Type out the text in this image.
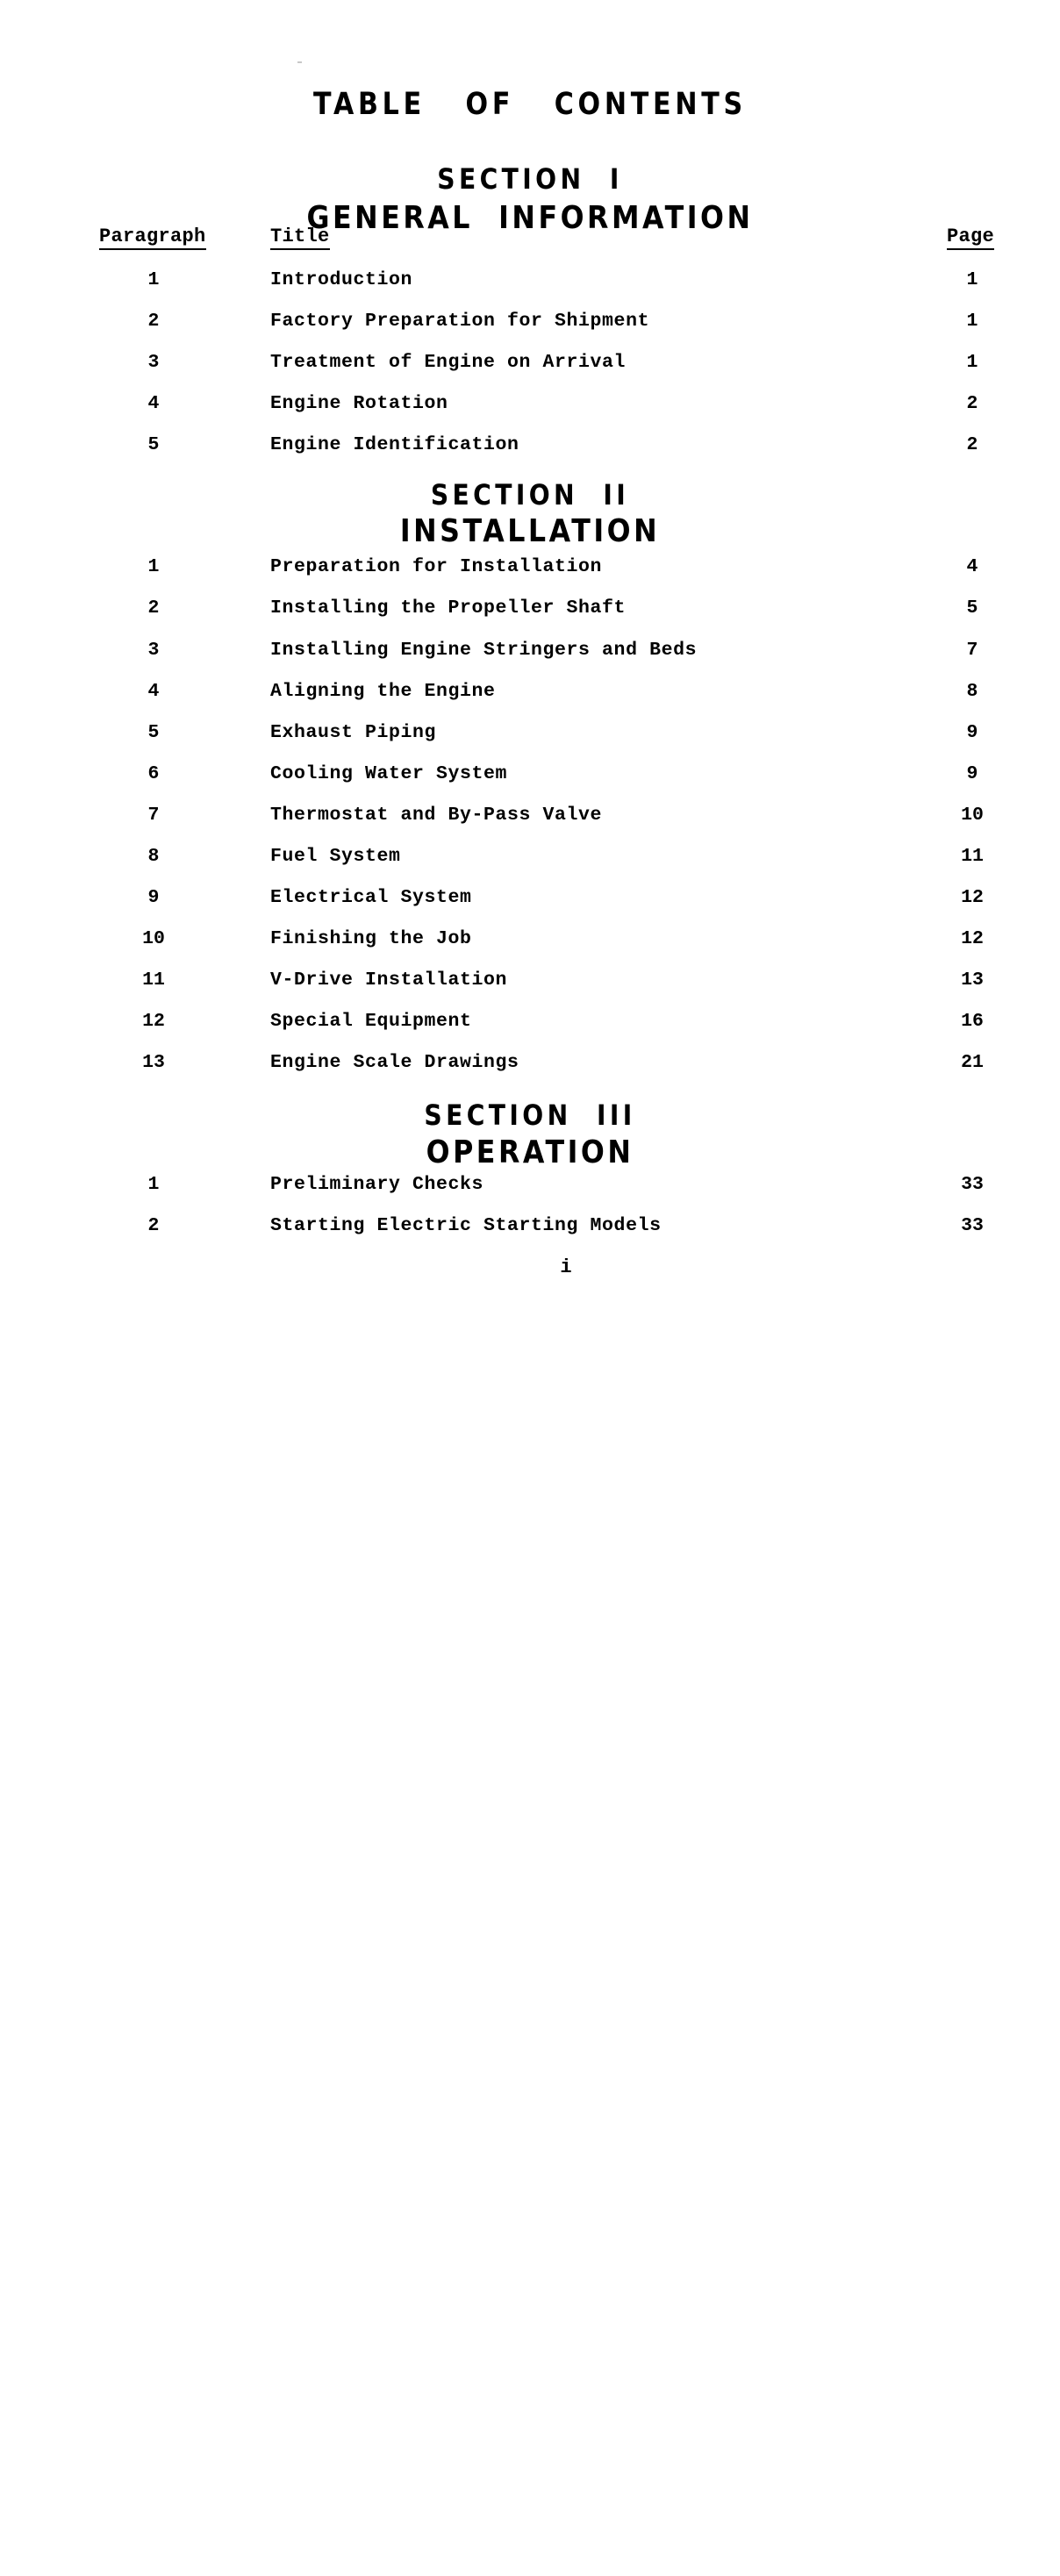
TABLE   OF   CONTENTS
SECTION  I
GENERAL  INFORMATION
Paragraph	Title	Page
1	Introduction	1
2	Factory Preparation for Shipment	1
3	Treatment of Engine on Arrival	1
4	Engine Rotation	2
5	Engine Identification	2
SECTION  II
INSTALLATION
1	Preparation for Installation	4
2	Installing the Propeller Shaft	5
3	Installing Engine Stringers and Beds	7
4	Aligning the Engine	8
5	Exhaust Piping	9
6	Cooling Water System	9
7	Thermostat and By-Pass Valve	10
8	Fuel System	11
9	Electrical System	12
10	Finishing the Job	12
11	V-Drive Installation	13
12	Special Equipment	16
13	Engine Scale Drawings	21
SECTION  III
OPERATION
1	Preliminary Checks	33
2	Starting Electric Starting Models	33
i
